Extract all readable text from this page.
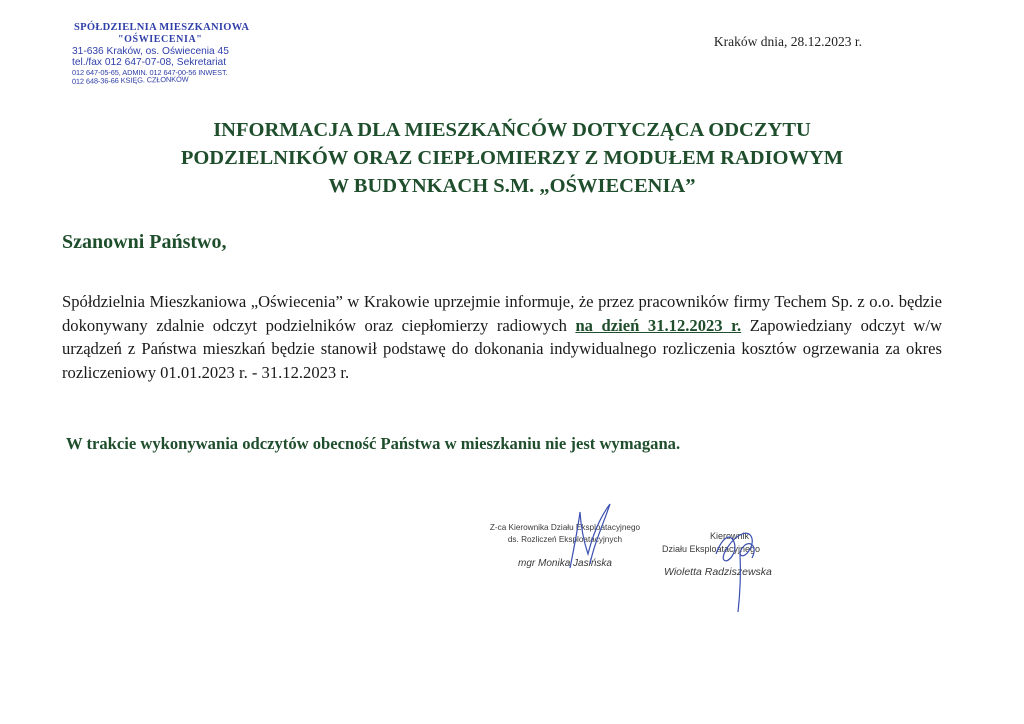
SPÓŁDZIELNIA MIESZKANIOWA
"OŚWIECENIA"
31-636 Kraków, os. Oświecenia 45
tel./fax 012 647-07-08, Sekretariat
012 647-05-65, ADMIN. 012 647-00-56 INWEST.
012 648-36-66 KSIĘG. CZŁONKÓW
Kraków dnia, 28.12.2023 r.
INFORMACJA DLA MIESZKAŃCÓW DOTYCZĄCA ODCZYTU
PODZIELNIKÓW ORAZ CIEPŁOMIERZY Z MODUŁEM RADIOWYM
W BUDYNKACH S.M. „OŚWIECENIA”
Szanowni Państwo,
Spółdzielnia Mieszkaniowa „Oświecenia” w Krakowie uprzejmie informuje, że przez pracowników firmy Techem Sp. z o.o. będzie dokonywany zdalnie odczyt podzielników oraz ciepłomierzy radiowych na dzień 31.12.2023 r. Zapowiedziany odczyt w/w urządzeń z Państwa mieszkań będzie stanowił podstawę do dokonania indywidualnego rozliczenia kosztów ogrzewania za okres rozliczeniowy 01.01.2023 r. - 31.12.2023 r.
W trakcie wykonywania odczytów obecność Państwa w mieszkaniu nie jest wymagana.
Z-ca Kierownika Działu Eksploatacyjnego
ds. Rozliczeń Eksploatacyjnych
mgr Monika Jasińska
Kierownik
Działu Eksploatacyjnego
Wioletta Radziszewska
